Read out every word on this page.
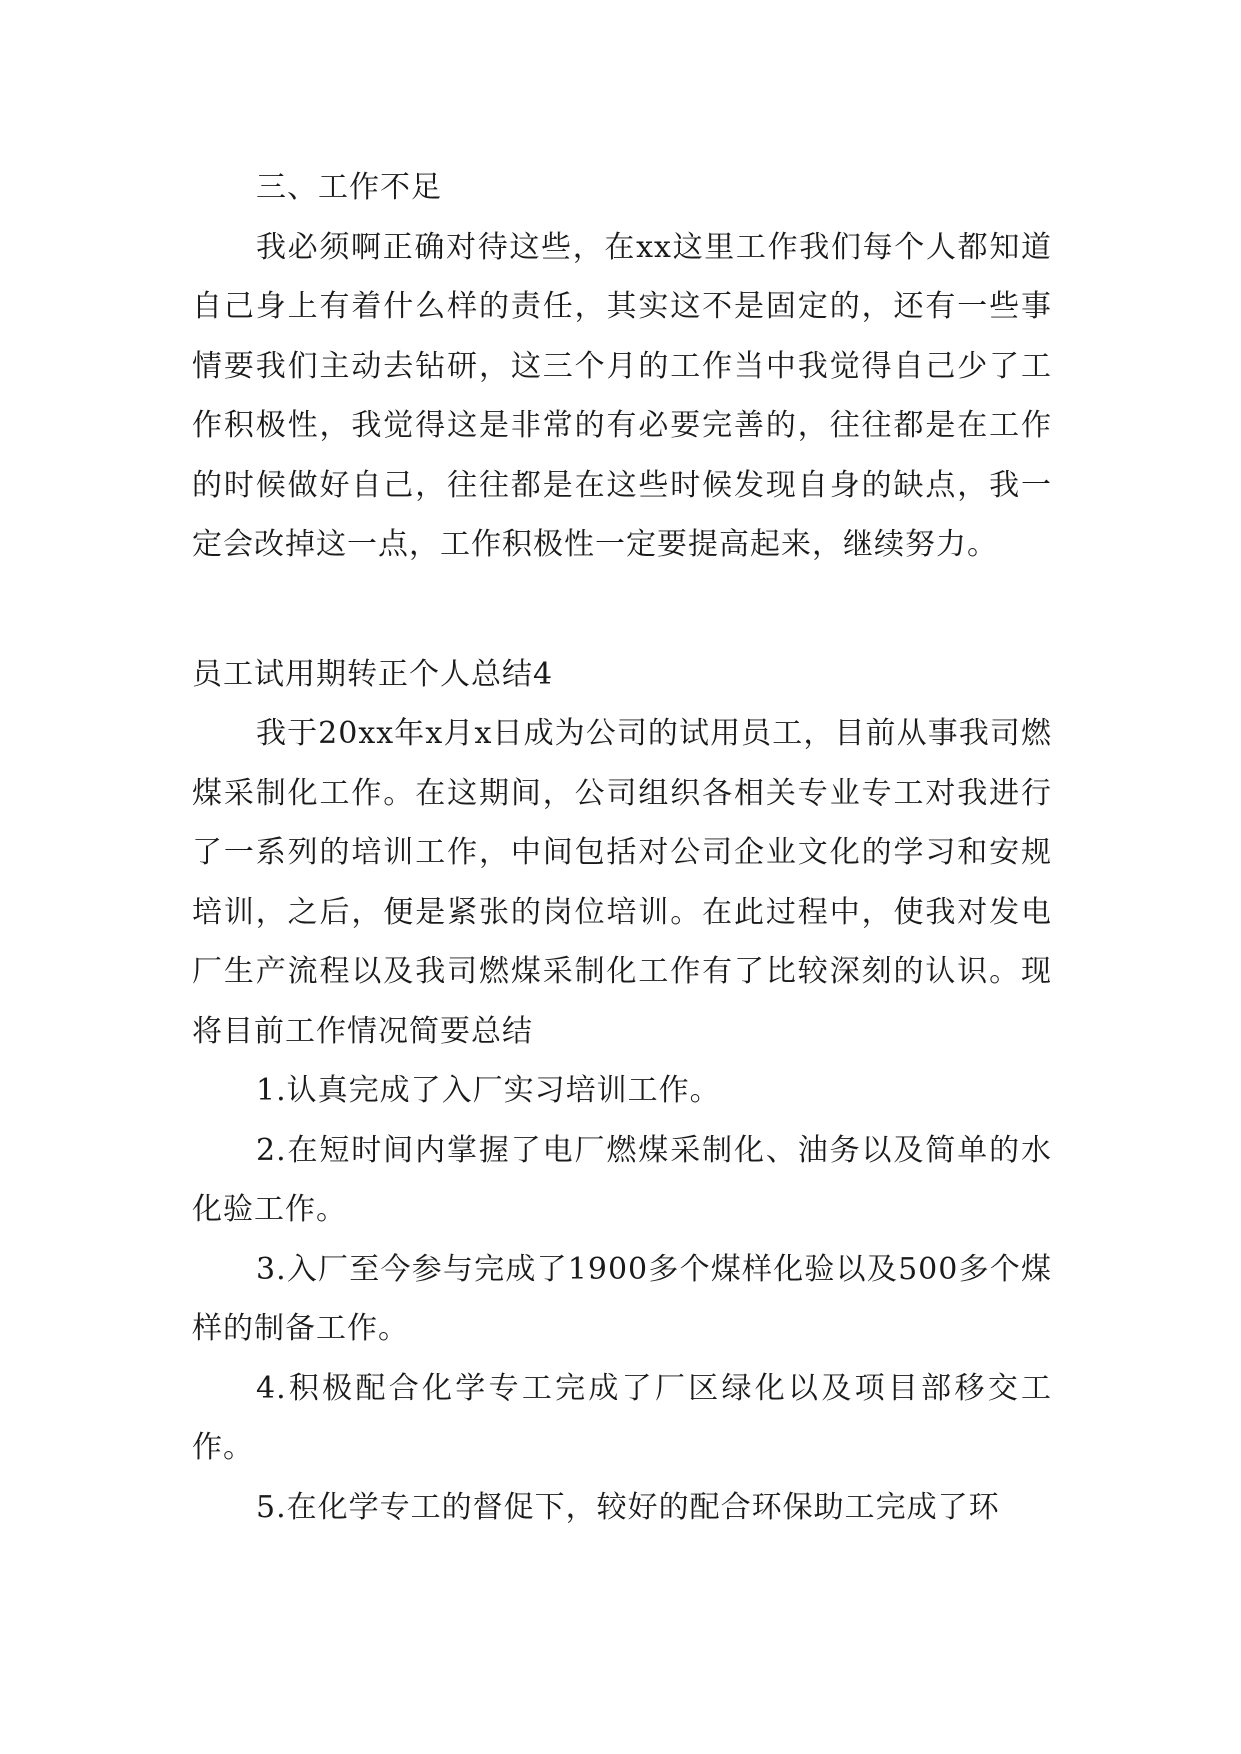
三、工作不足

我必须啊正确对待这些，在xx这里工作我们每个人都知道自己身上有着什么样的责任，其实这不是固定的，还有一些事情要我们主动去钻研，这三个月的工作当中我觉得自己少了工作积极性，我觉得这是非常的有必要完善的，往往都是在工作的时候做好自己，往往都是在这些时候发现自身的缺点，我一定会改掉这一点，工作积极性一定要提高起来，继续努力。

员工试用期转正个人总结4

我于20xx年x月x日成为公司的试用员工，目前从事我司燃煤采制化工作。在这期间，公司组织各相关专业专工对我进行了一系列的培训工作，中间包括对公司企业文化的学习和安规培训，之后，便是紧张的岗位培训。在此过程中，使我对发电厂生产流程以及我司燃煤采制化工作有了比较深刻的认识。现将目前工作情况简要总结

1.认真完成了入厂实习培训工作。

2.在短时间内掌握了电厂燃煤采制化、油务以及简单的水化验工作。

3.入厂至今参与完成了1900多个煤样化验以及500多个煤样的制备工作。

4.积极配合化学专工完成了厂区绿化以及项目部移交工作。

5.在化学专工的督促下，较好的配合环保助工完成了环
